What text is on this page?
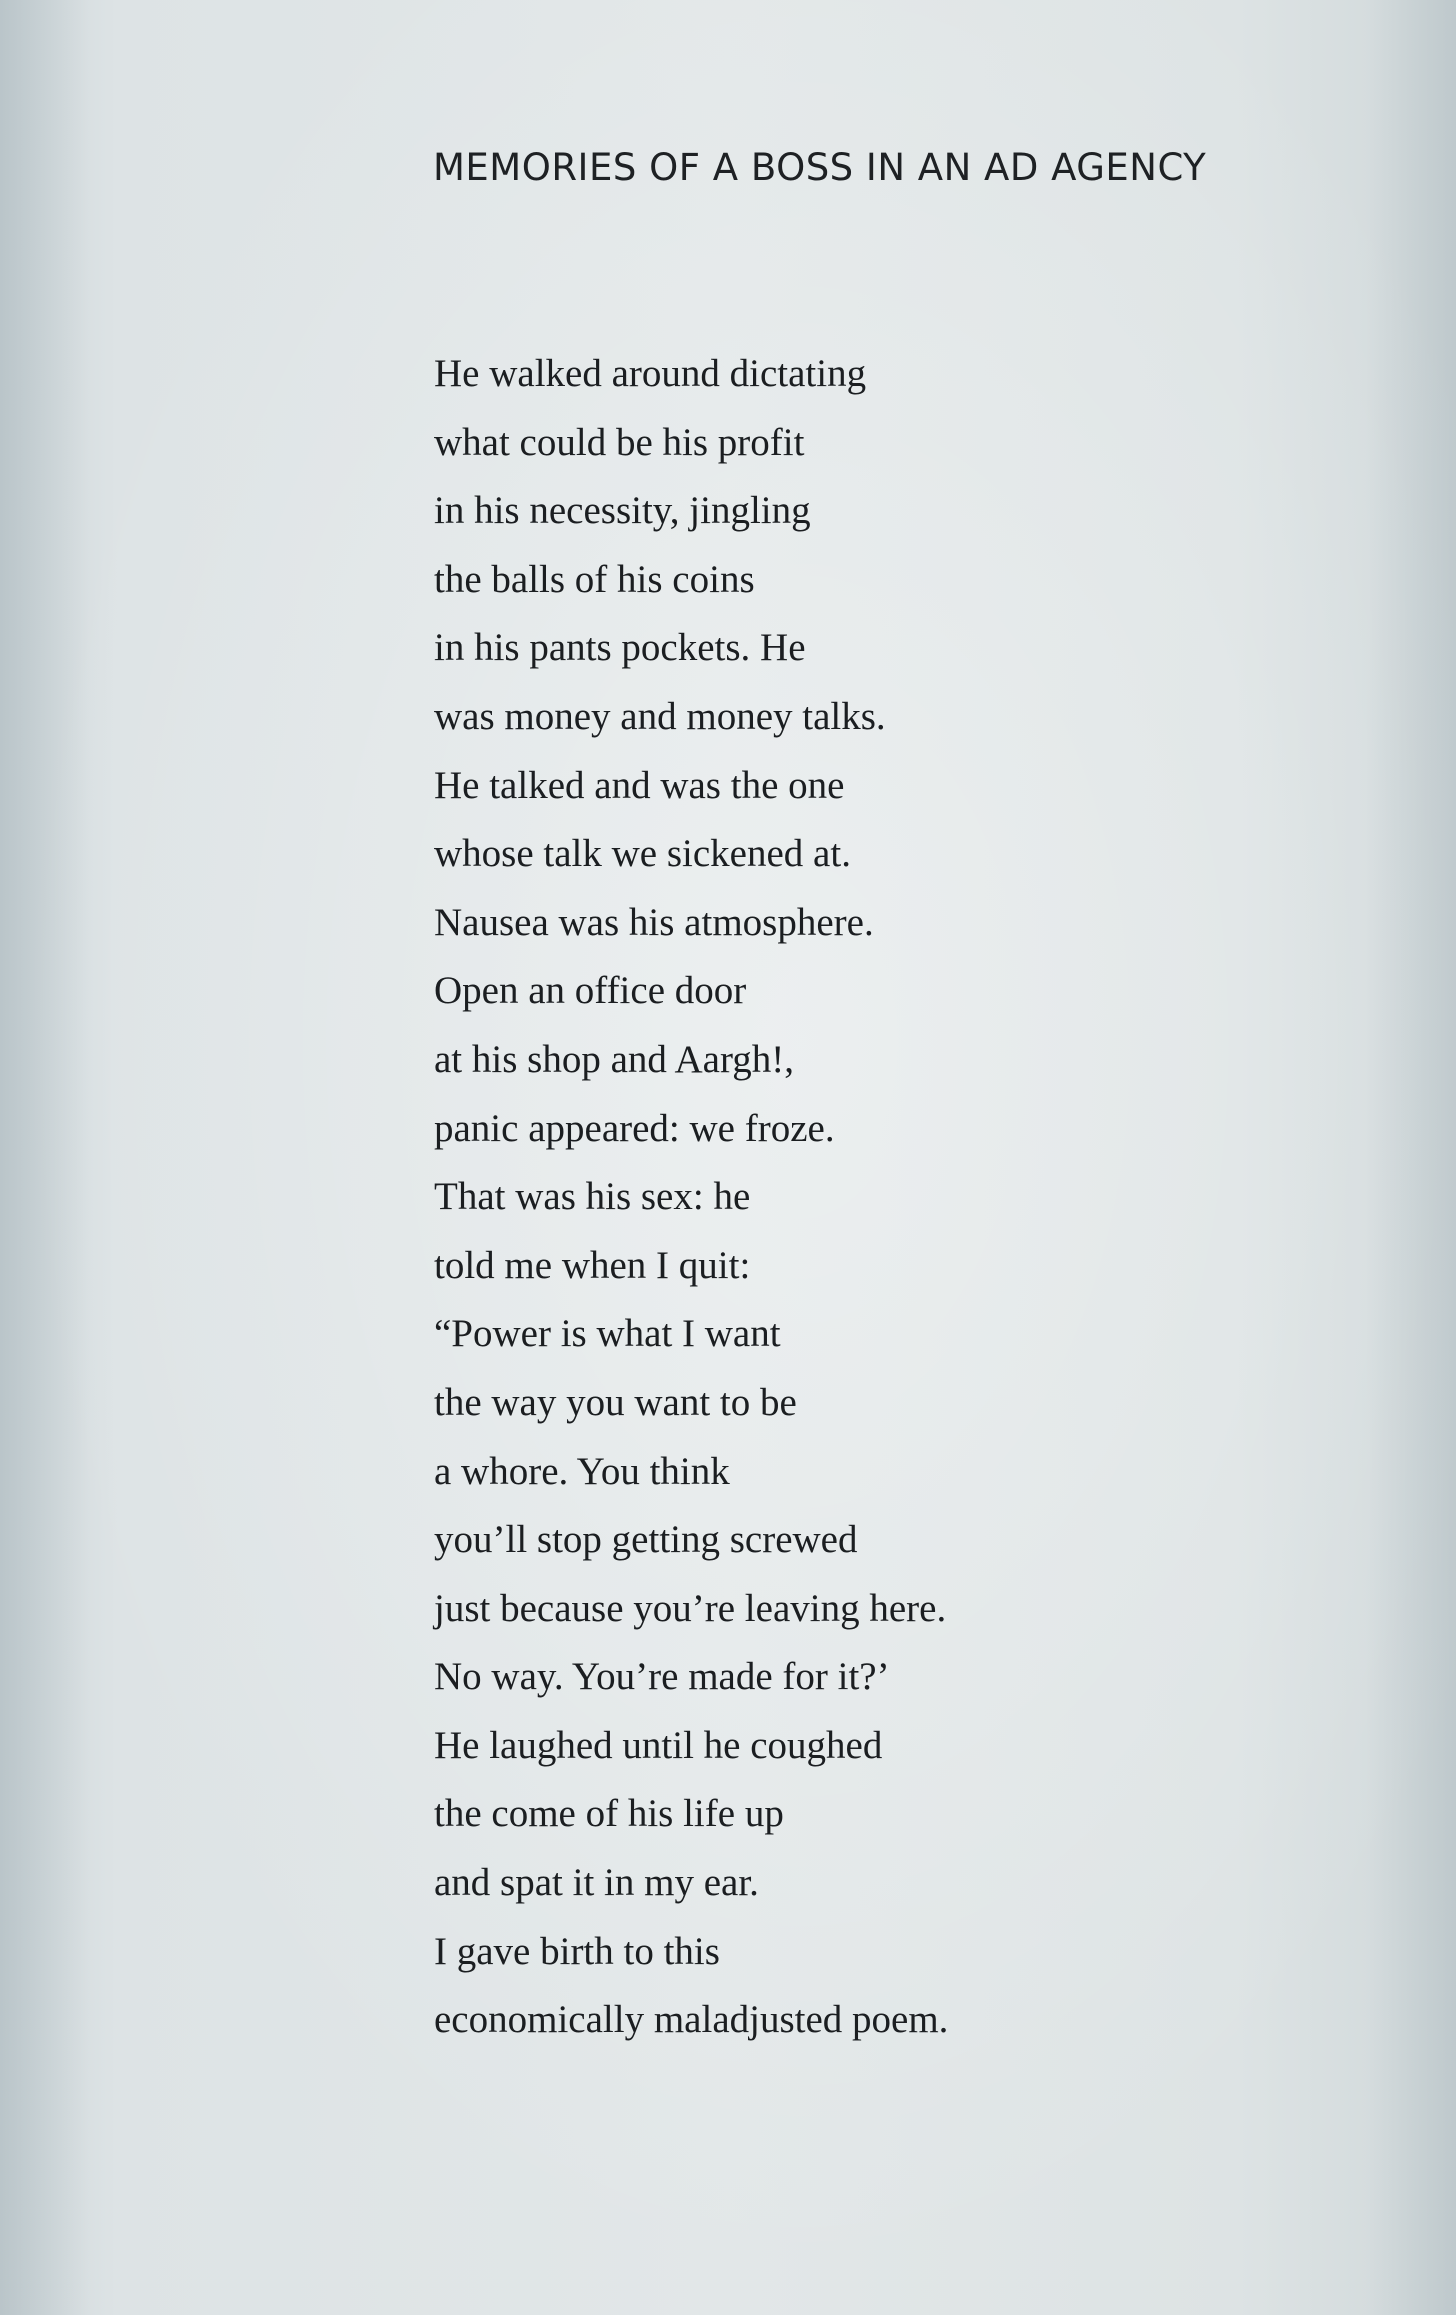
MEMORIES OF A BOSS IN AN AD AGENCY
He walked around dictating
what could be his profit
in his necessity, jingling
the balls of his coins
in his pants pockets. He
was money and money talks.
He talked and was the one
whose talk we sickened at.
Nausea was his atmosphere.
Open an office door
at his shop and Aargh!,
panic appeared: we froze.
That was his sex: he
told me when I quit:
“Power is what I want
the way you want to be
a whore. You think
you’ll stop getting screwed
just because you’re leaving here.
No way. You’re made for it?’
He laughed until he coughed
the come of his life up
and spat it in my ear.
I gave birth to this
economically maladjusted poem.
